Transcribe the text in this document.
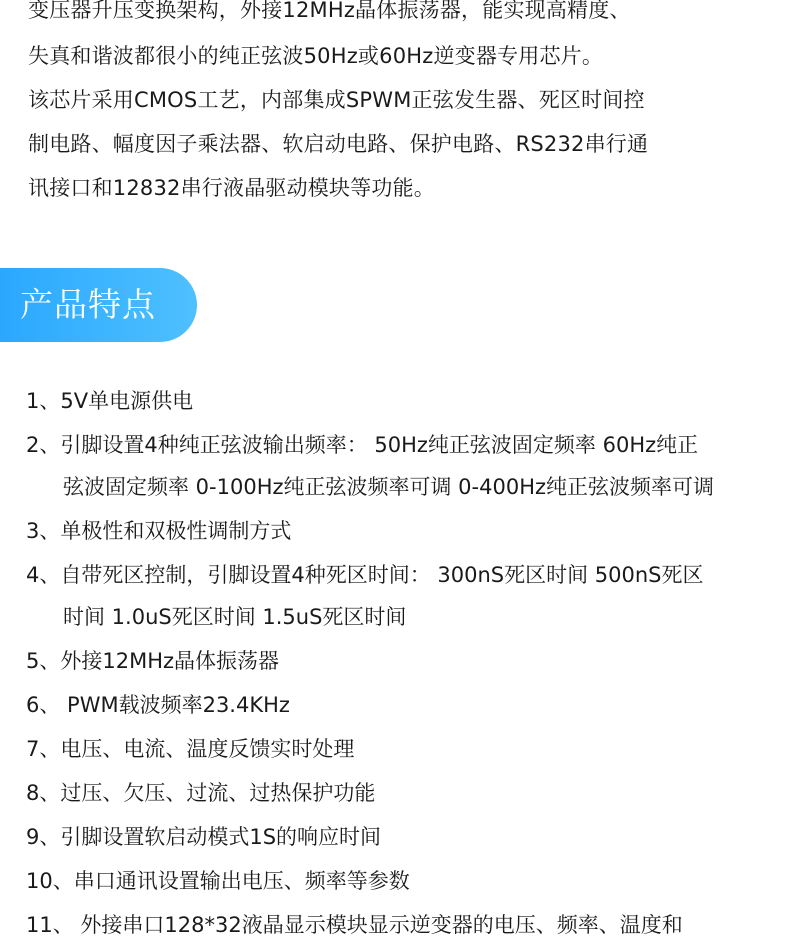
变压器升压变换架构，外接12MHz晶体振荡器，能实现高精度、
失真和谐波都很小的纯正弦波50Hz或60Hz逆变器专用芯片。
该芯片采用CMOS工艺，内部集成SPWM正弦发生器、死区时间控
制电路、幅度因子乘法器、软启动电路、保护电路、RS232串行通
讯接口和12832串行液晶驱动模块等功能。
产品特点
1、5V单电源供电
2、引脚设置4种纯正弦波输出频率： 50Hz纯正弦波固定频率 60Hz纯正
弦波固定频率 0-100Hz纯正弦波频率可调 0-400Hz纯正弦波频率可调
3、单极性和双极性调制方式
4、自带死区控制，引脚设置4种死区时间： 300nS死区时间 500nS死区
时间 1.0uS死区时间 1.5uS死区时间
5、外接12MHz晶体振荡器
6、 PWM载波频率23.4KHz
7、电压、电流、温度反馈实时处理
8、过压、欠压、过流、过热保护功能
9、引脚设置软启动模式1S的响应时间
10、串口通讯设置输出电压、频率等参数
11、 外接串口128*32液晶显示模块显示逆变器的电压、频率、温度和
